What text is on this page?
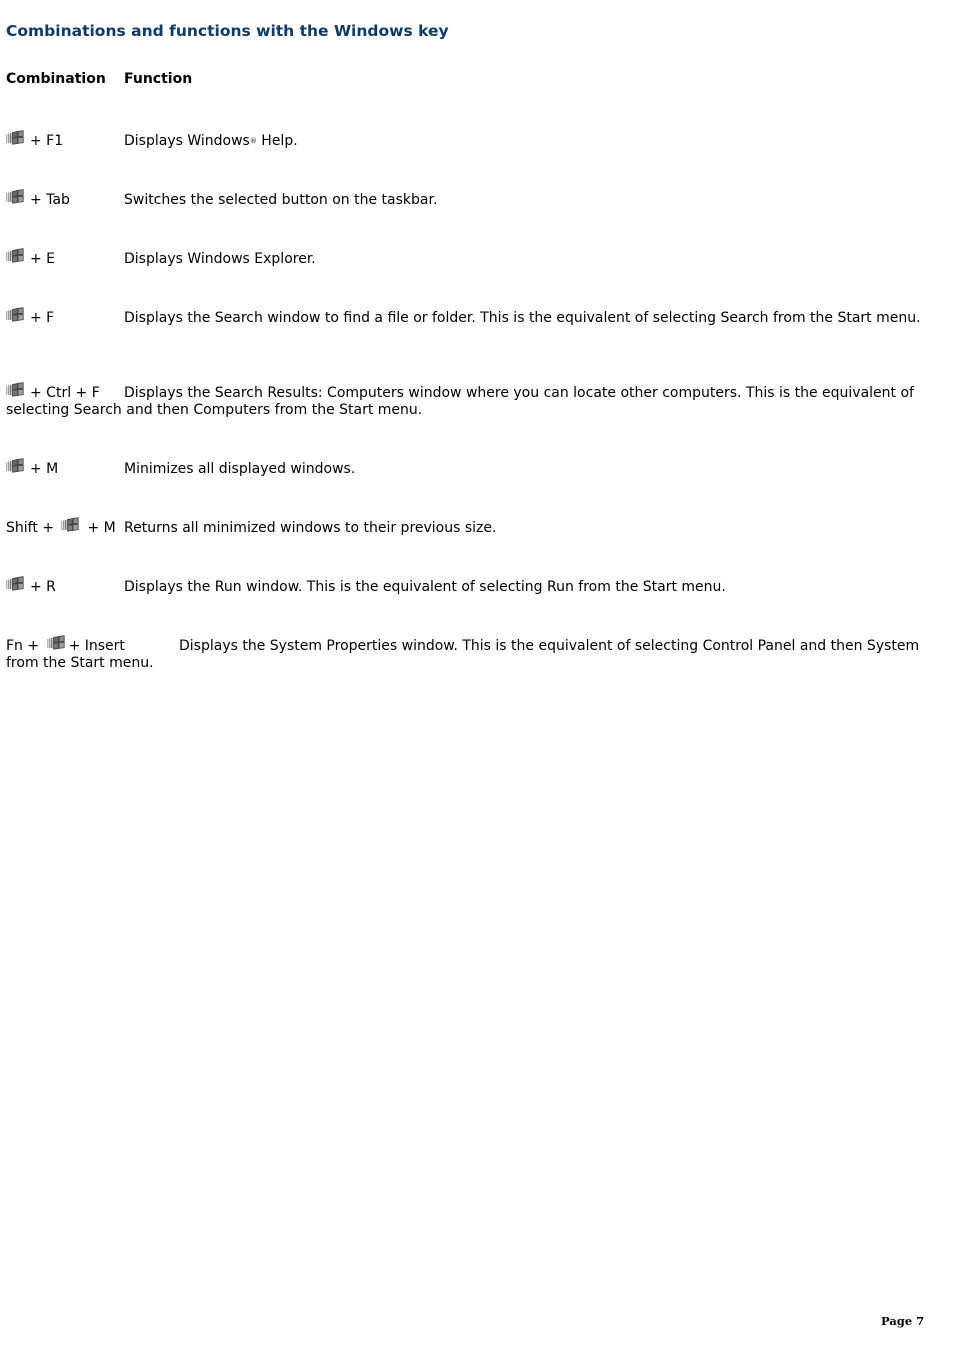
Combinations and functions with the Windows key
Combination Function
+ F1	Displays Windows® Help.
+ Tab	Switches the selected button on the taskbar.
+ E	Displays Windows Explorer.
+ F	Displays the Search window to find a file or folder. This is the equivalent of selecting Search from the Start menu.
+ Ctrl + F Displays the Search Results: Computers window where you can locate other computers. This is the equivalent of selecting Search and then Computers from the Start menu.
+ M	Minimizes all displayed windows.
Shift + + M Returns all minimized windows to their previous size.
+ R	Displays the Run window. This is the equivalent of selecting Run from the Start menu.
Fn + + Insert	Displays the System Properties window. This is the equivalent of selecting Control Panel and then System from the Start menu.
Page 7
